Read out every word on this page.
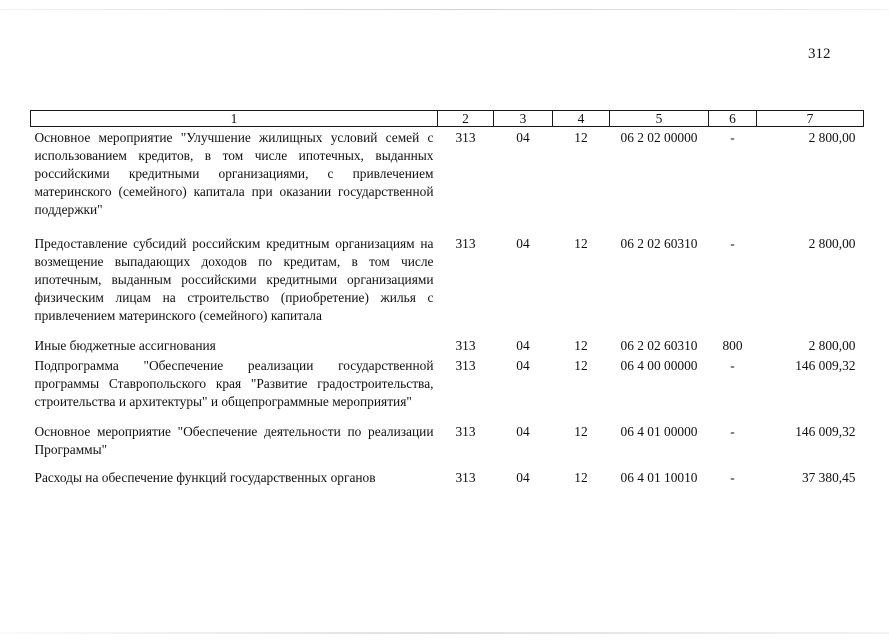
312
1	2	3	4	5	6	7
Основное мероприятие "Улучшение жилищных условий семей с использованием кредитов, в том числе ипотечных, выданных российскими кредитными организациями, с привлечением материнского (семейного) капитала при оказании государственной поддержки"	313	04	12	06 2 02 00000	-	2 800,00
Предоставление субсидий российским кредитным организациям на возмещение выпадающих доходов по кредитам, в том числе ипотечным, выданным российскими кредитными организациями физическим лицам на строительство (приобретение) жилья с привлечением материнского (семейного) капитала	313	04	12	06 2 02 60310	-	2 800,00
Иные бюджетные ассигнования	313	04	12	06 2 02 60310	800	2 800,00
Подпрограмма "Обеспечение реализации государственной программы Ставропольского края "Развитие градостроительства, строительства и архитектуры" и общепрограммные мероприятия"	313	04	12	06 4 00 00000	-	146 009,32
Основное мероприятие "Обеспечение деятельности по реализации Программы"	313	04	12	06 4 01 00000	-	146 009,32
Расходы на обеспечение функций государственных органов	313	04	12	06 4 01 10010	-	37 380,45
